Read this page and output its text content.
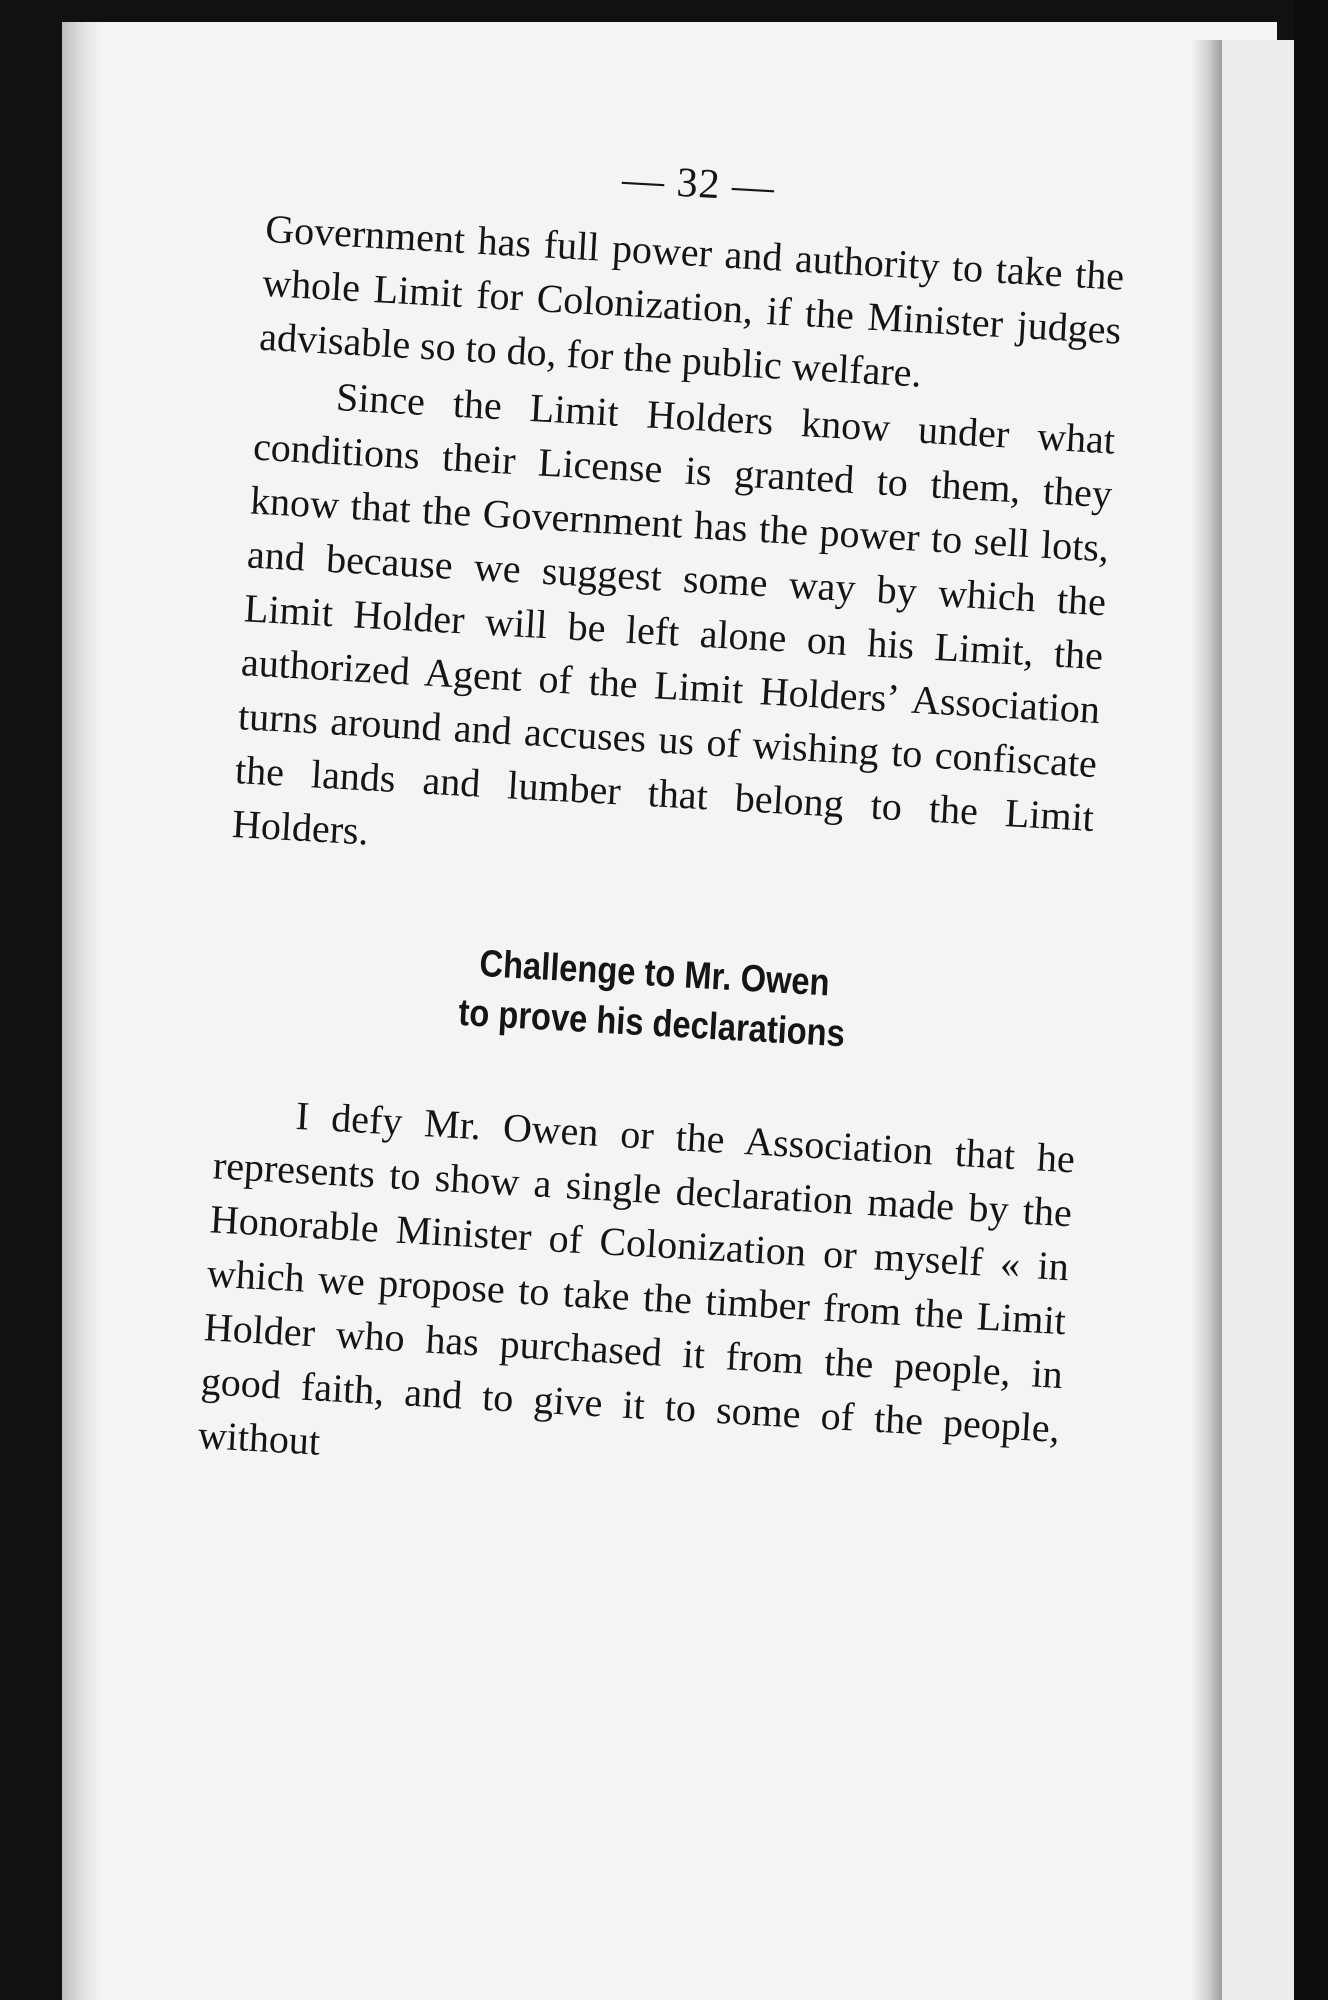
— 32 —

Government has full power and authority to take the whole Limit for Colonization, if the Minister judges advisable so to do, for the public welfare.

Since the Limit Holders know under what conditions their License is granted to them, they know that the Government has the power to sell lots, and because we suggest some way by which the Limit Holder will be left alone on his Limit, the authorized Agent of the Limit Holders’ Association turns around and accuses us of wishing to confiscate the lands and lumber that belong to the Limit Holders.

Challenge to Mr. Owen
to prove his declarations

I defy Mr. Owen or the Association that he represents to show a single declaration made by the Honorable Minister of Colonization or myself « in which we propose to take the timber from the Limit Holder who has purchased it from the people, in good faith, and to give it to some of the people, without
